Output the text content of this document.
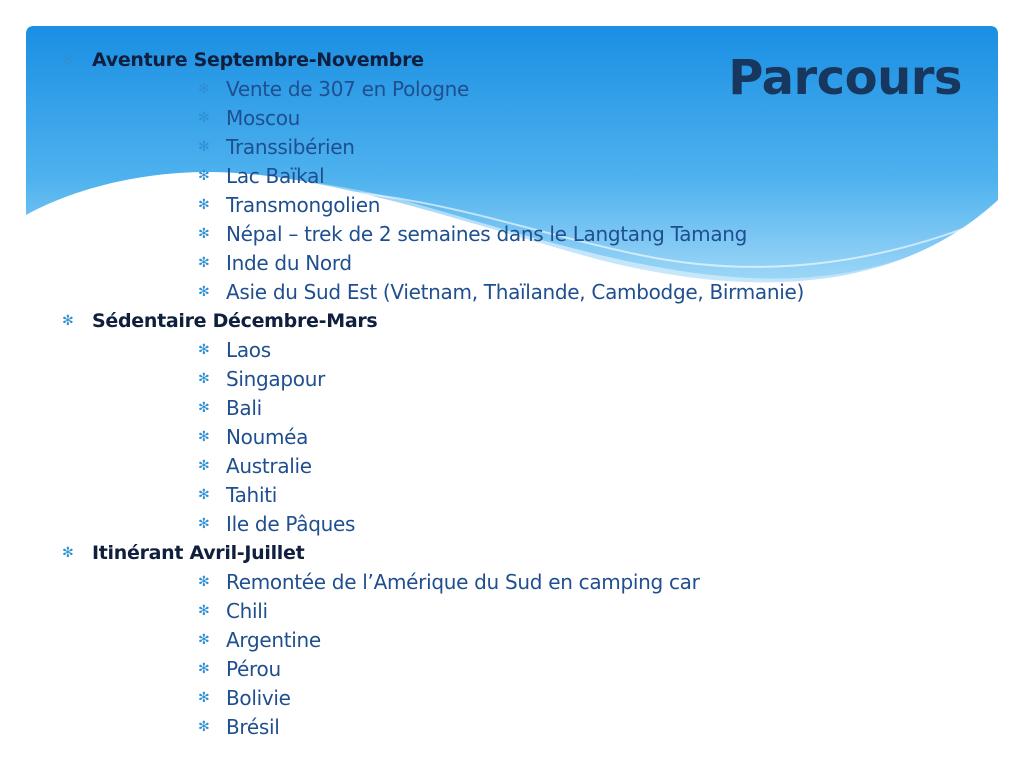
Parcours
✻ Aventure Septembre-Novembre
✻ Vente de 307 en Pologne
✻ Moscou
✻ Transsibérien
✻ Lac Baïkal
✻ Transmongolien
✻ Népal – trek de 2 semaines dans le Langtang Tamang
✻ Inde du Nord
✻ Asie du Sud Est (Vietnam, Thaïlande, Cambodge, Birmanie)
✻ Sédentaire Décembre-Mars
✻ Laos
✻ Singapour
✻ Bali
✻ Nouméa
✻ Australie
✻ Tahiti
✻ Ile de Pâques
✻ Itinérant Avril-Juillet
✻ Remontée de l’Amérique du Sud en camping car
✻ Chili
✻ Argentine
✻ Pérou
✻ Bolivie
✻ Brésil
